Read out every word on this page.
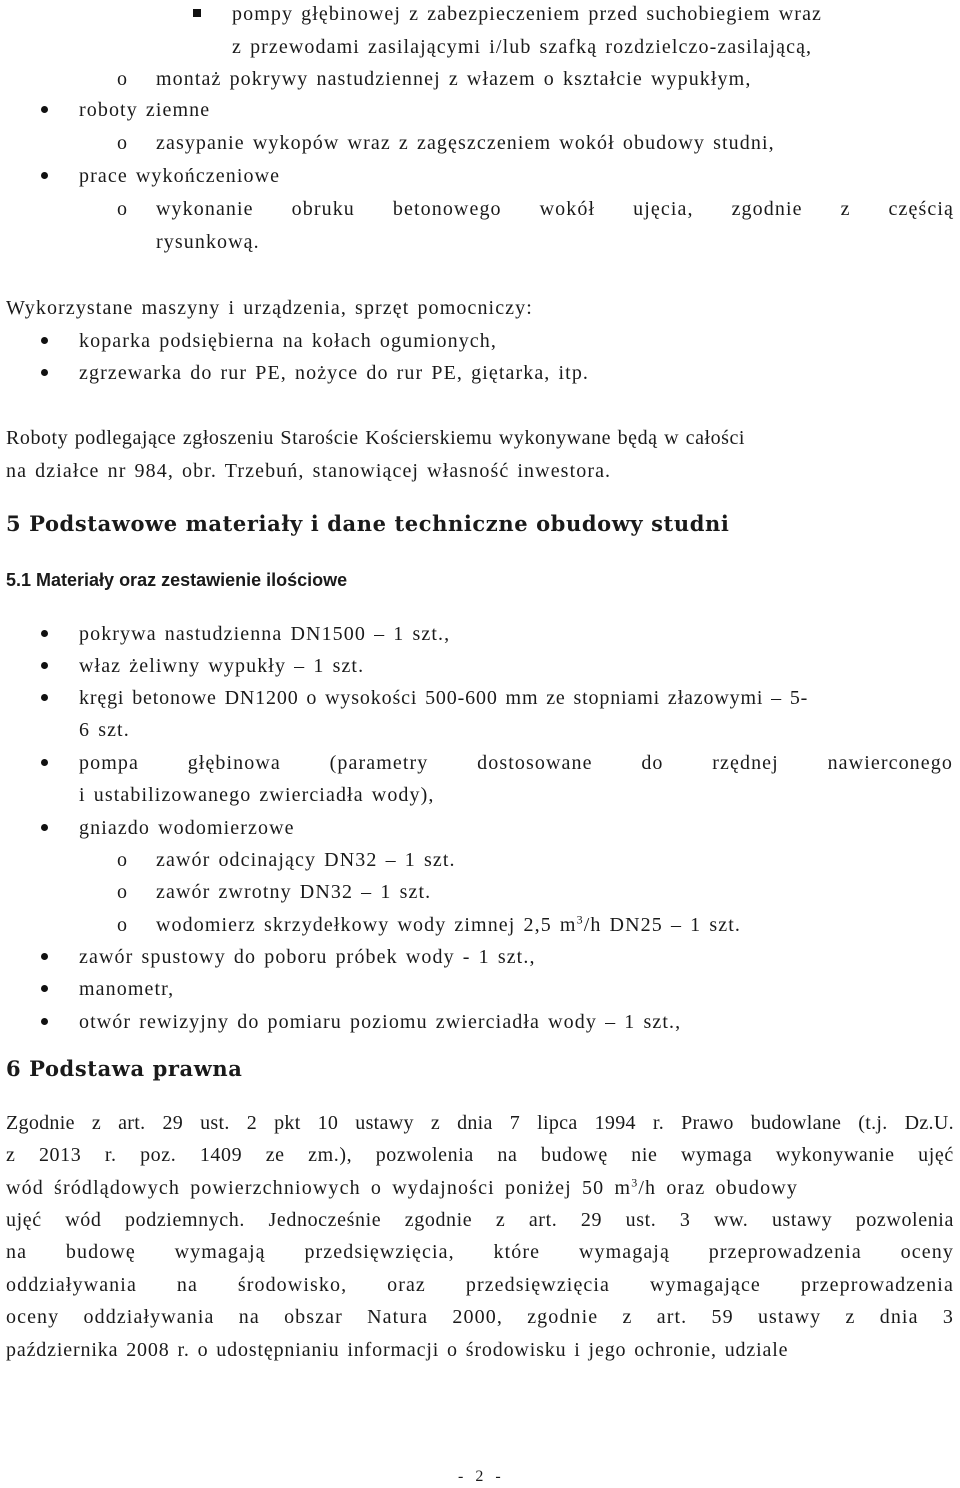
pompy głębinowej z zabezpieczeniem przed suchobiegiem wraz
z przewodami zasilającymi i/lub szafką rozdzielczo-zasilającą,
o montaż pokrywy nastudziennej z włazem o kształcie wypukłym,
roboty ziemne
o zasypanie wykopów wraz z zagęszczeniem wokół obudowy studni,
prace wykończeniowe
o wykonanie obruku betonowego wokół ujęcia, zgodnie z częścią
rysunkową.
Wykorzystane maszyny i urządzenia, sprzęt pomocniczy:
koparka podsiębierna na kołach ogumionych,
zgrzewarka do rur PE, nożyce do rur PE, giętarka, itp.
Roboty podlegające zgłoszeniu Staroście Kościerskiemu wykonywane będą w całości
na działce nr 984, obr. Trzebuń, stanowiącej własność inwestora.
5 Podstawowe materiały i dane techniczne obudowy studni
5.1 Materiały oraz zestawienie ilościowe
pokrywa nastudzienna DN1500 – 1 szt.,
właz żeliwny wypukły – 1 szt.
kręgi betonowe DN1200 o wysokości 500-600 mm ze stopniami złazowymi – 5-
6 szt.
pompa głębinowa (parametry dostosowane do rzędnej nawierconego
i ustabilizowanego zwierciadła wody),
gniazdo wodomierzowe
o zawór odcinający DN32 – 1 szt.
o zawór zwrotny DN32 – 1 szt.
o wodomierz skrzydełkowy wody zimnej 2,5 $m^3/h$ DN25 – 1 szt.
zawór spustowy do poboru próbek wody - 1 szt.,
manometr,
otwór rewizyjny do pomiaru poziomu zwierciadła wody – 1 szt.,
6 Podstawa prawna
Zgodnie z art. 29 ust. 2 pkt 10 ustawy z dnia 7 lipca 1994 r. Prawo budowlane (t.j. Dz.U.
z 2013 r. poz. 1409 ze zm.), pozwolenia na budowę nie wymaga wykonywanie ujęć
wód śródlądowych powierzchniowych o wydajności poniżej 50 $m^3/h$ oraz obudowy
ujęć wód podziemnych. Jednocześnie zgodnie z art. 29 ust. 3 ww. ustawy pozwolenia
na budowę wymagają przedsięwzięcia, które wymagają przeprowadzenia oceny
oddziaływania na środowisko, oraz przedsięwzięcia wymagające przeprowadzenia
oceny oddziaływania na obszar Natura 2000, zgodnie z art. 59 ustawy z dnia 3
października 2008 r. o udostępnianiu informacji o środowisku i jego ochronie, udziale
- 2 -
